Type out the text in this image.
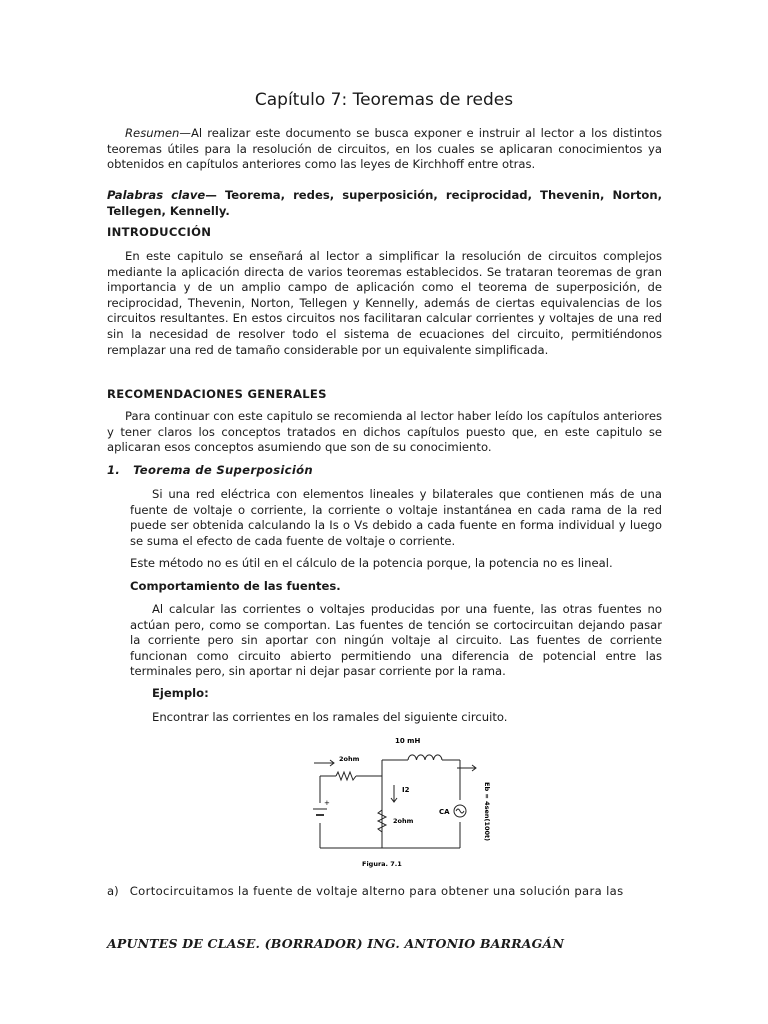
Capítulo 7: Teoremas de redes
Resumen—Al realizar este documento se busca exponer e instruir al lector a los distintos teoremas útiles para la resolución de circuitos, en los cuales se aplicaran conocimientos ya obtenidos en capítulos anteriores como las leyes de Kirchhoff entre otras.
Palabras clave— Teorema, redes, superposición, reciprocidad, Thevenin, Norton, Tellegen, Kennelly.
INTRODUCCIÓN
En este capitulo se enseñará al lector a simplificar la resolución de circuitos complejos mediante la aplicación directa de varios teoremas establecidos. Se trataran teoremas de gran importancia y de un amplio campo de aplicación como el teorema de superposición, de reciprocidad, Thevenin, Norton, Tellegen y Kennelly, además de ciertas equivalencias de los circuitos resultantes. En estos circuitos nos facilitaran calcular corrientes y voltajes de una red sin la necesidad de resolver todo el sistema de ecuaciones del circuito, permitiéndonos remplazar una red de tamaño considerable por un equivalente simplificada.
RECOMENDACIONES GENERALES
Para continuar con este capitulo se recomienda al lector haber leído los capítulos anteriores y tener claros los conceptos tratados en dichos capítulos puesto que, en este capitulo se aplicaran esos conceptos asumiendo que son de su conocimiento.
1. Teorema de Superposición
Si una red eléctrica con elementos lineales y bilaterales que contienen más de una fuente de voltaje o corriente, la corriente o voltaje instantánea en cada rama de la red puede ser obtenida calculando la Is o Vs debido a cada fuente en forma individual y luego se suma el efecto de cada fuente de voltaje o corriente.
Este método no es útil en el cálculo de la potencia porque, la potencia no es lineal.
Comportamiento de las fuentes.
Al calcular las corrientes o voltajes producidas por una fuente, las otras fuentes no actúan pero, como se comportan. Las fuentes de tención se cortocircuitan dejando pasar la corriente pero sin aportar con ningún voltaje al circuito. Las fuentes de corriente funcionan como circuito abierto permitiendo una diferencia de potencial entre las terminales pero, sin aportar ni dejar pasar corriente por la rama.
Ejemplo:
Encontrar las corrientes en los ramales del siguiente circuito.
10 mH
2ohm
+
I2
2ohm
CA	Eb = 4sen(100t)
Figura. 7.1
a) Cortocircuitamos la fuente de voltaje alterno para obtener una solución para las
APUNTES DE CLASE. (BORRADOR) ING. ANTONIO BARRAGÁN
